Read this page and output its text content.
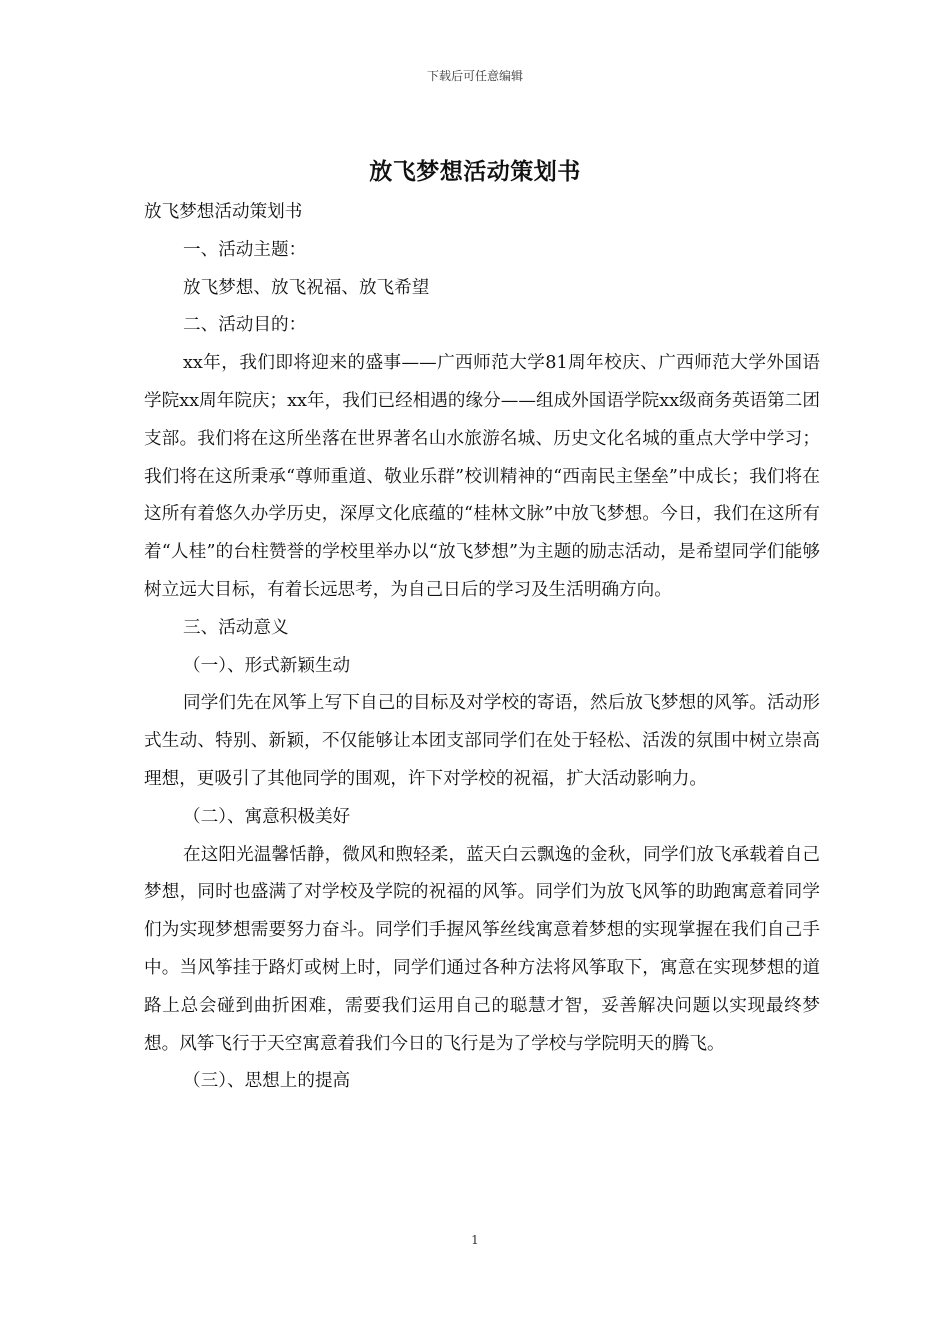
下载后可任意编辑
放飞梦想活动策划书

放飞梦想活动策划书

一、活动主题：

放飞梦想、放飞祝福、放飞希望

二、活动目的：

xx年，我们即将迎来的盛事——广西师范大学81周年校庆、广西师范大学外国语学院xx周年院庆；xx年，我们已经相遇的缘分——组成外国语学院xx级商务英语第二团支部。我们将在这所坐落在世界著名山水旅游名城、历史文化名城的重点大学中学习；我们将在这所秉承“尊师重道、敬业乐群”校训精神的“西南民主堡垒”中成长；我们将在这所有着悠久办学历史，深厚文化底蕴的“桂林文脉”中放飞梦想。今日，我们在这所有着“人桂”的台柱赞誉的学校里举办以“放飞梦想”为主题的励志活动，是希望同学们能够树立远大目标，有着长远思考，为自己日后的学习及生活明确方向。

三、活动意义

（一）、形式新颖生动

同学们先在风筝上写下自己的目标及对学校的寄语，然后放飞梦想的风筝。活动形式生动、特别、新颖，不仅能够让本团支部同学们在处于轻松、活泼的氛围中树立崇高理想，更吸引了其他同学的围观，许下对学校的祝福，扩大活动影响力。

（二）、寓意积极美好

在这阳光温馨恬静，微风和煦轻柔，蓝天白云飘逸的金秋，同学们放飞承载着自己梦想，同时也盛满了对学校及学院的祝福的风筝。同学们为放飞风筝的助跑寓意着同学们为实现梦想需要努力奋斗。同学们手握风筝丝线寓意着梦想的实现掌握在我们自己手中。当风筝挂于路灯或树上时，同学们通过各种方法将风筝取下，寓意在实现梦想的道路上总会碰到曲折困难，需要我们运用自己的聪慧才智，妥善解决问题以实现最终梦想。风筝飞行于天空寓意着我们今日的飞行是为了学校与学院明天的腾飞。

（三）、思想上的提高

1
